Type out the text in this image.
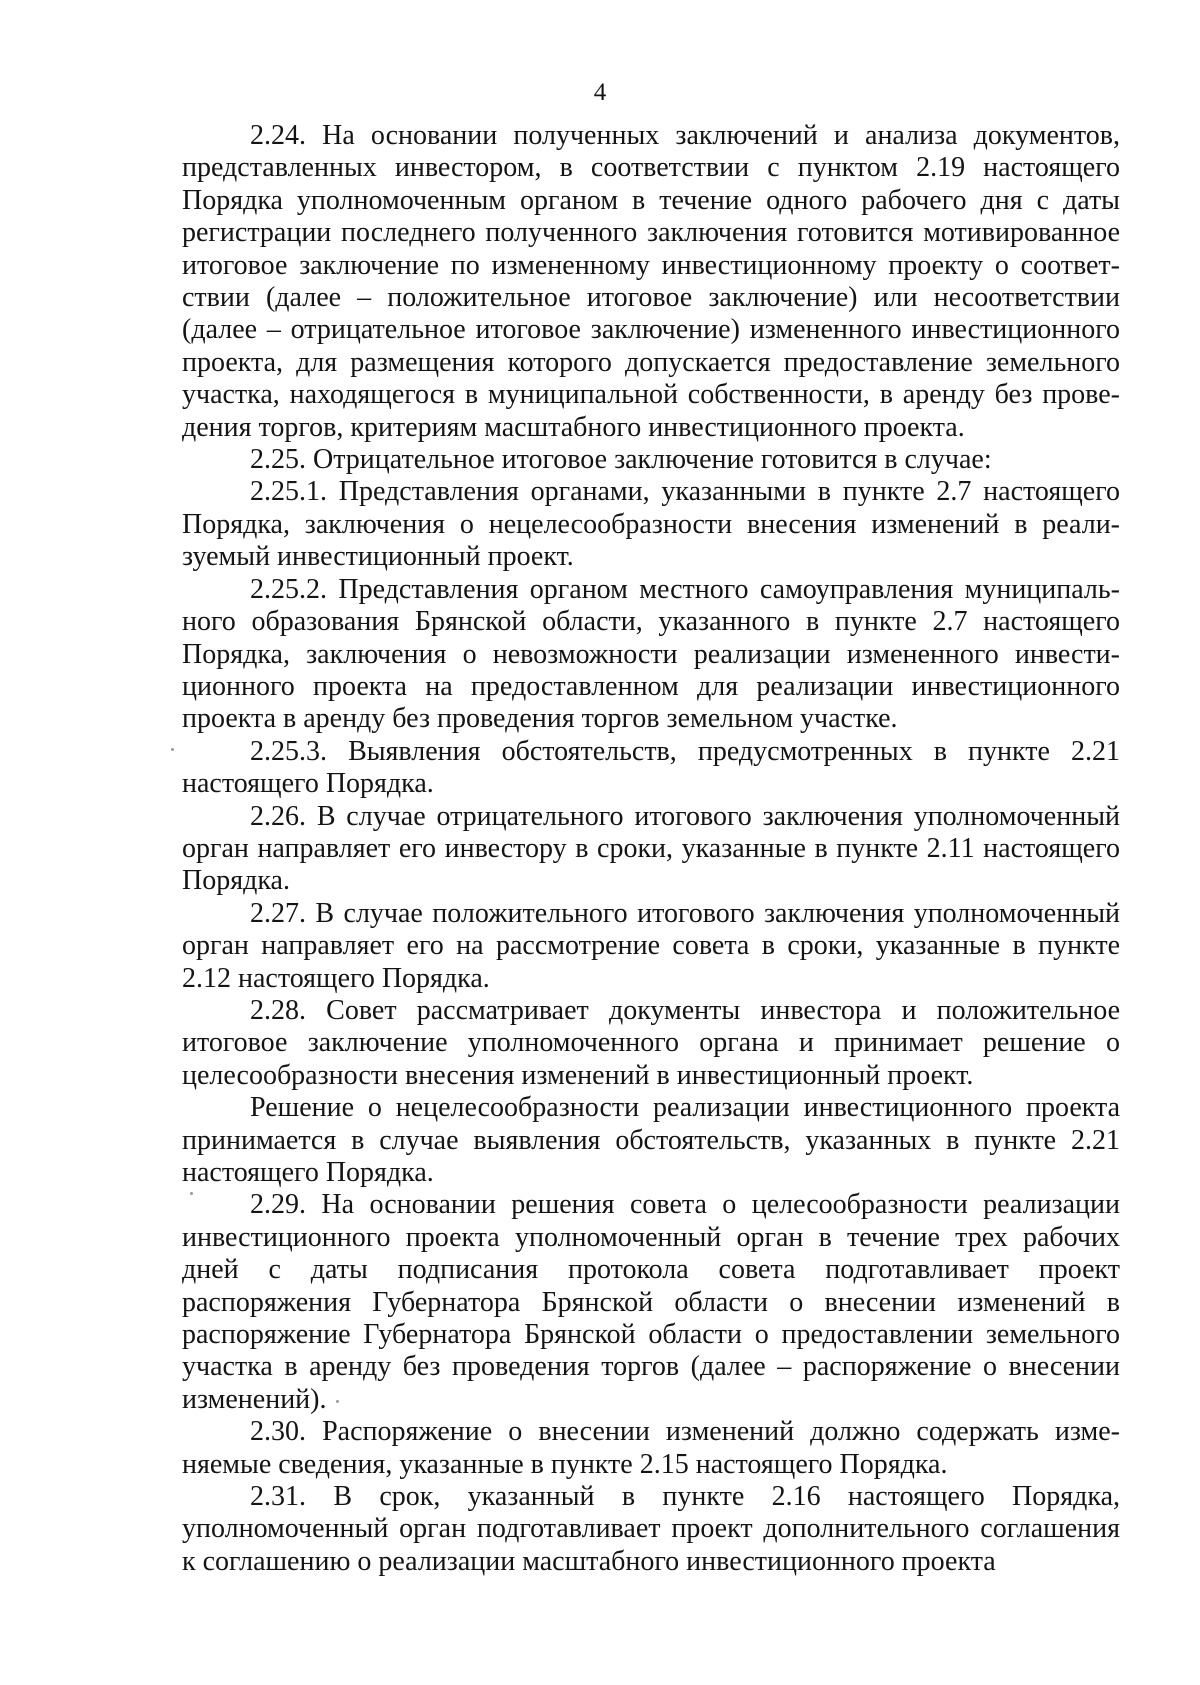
4

2.24. На основании полученных заключений и анализа документов, представленных инвестором, в соответствии с пунктом 2.19 настоящего Порядка уполномоченным органом в течение одного рабочего дня с даты регистрации последнего полученного заключения готовится мотивированное итоговое заключение по измененному инвестиционному проекту о соответствии (далее – положительное итоговое заключение) или несоответствии (далее – отрицательное итоговое заключение) измененного инвестиционного проекта, для размещения которого допускается предоставление земельного участка, находящегося в муниципальной собственности, в аренду без проведения торгов, критериям масштабного инвестиционного проекта.

2.25. Отрицательное итоговое заключение готовится в случае:

2.25.1. Представления органами, указанными в пункте 2.7 настоящего Порядка, заключения о нецелесообразности внесения изменений в реализуемый инвестиционный проект.

2.25.2. Представления органом местного самоуправления муниципального образования Брянской области, указанного в пункте 2.7 настоящего Порядка, заключения о невозможности реализации измененного инвестиционного проекта на предоставленном для реализации инвестиционного проекта в аренду без проведения торгов земельном участке.

2.25.3. Выявления обстоятельств, предусмотренных в пункте 2.21 настоящего Порядка.

2.26. В случае отрицательного итогового заключения уполномоченный орган направляет его инвестору в сроки, указанные в пункте 2.11 настоящего Порядка.

2.27. В случае положительного итогового заключения уполномоченный орган направляет его на рассмотрение совета в сроки, указанные в пункте 2.12 настоящего Порядка.

2.28. Совет рассматривает документы инвестора и положительное итоговое заключение уполномоченного органа и принимает решение о целесообразности внесения изменений в инвестиционный проект.

Решение о нецелесообразности реализации инвестиционного проекта принимается в случае выявления обстоятельств, указанных в пункте 2.21 настоящего Порядка.

2.29. На основании решения совета о целесообразности реализации инвестиционного проекта уполномоченный орган в течение трех рабочих дней с даты подписания протокола совета подготавливает проект распоряжения Губернатора Брянской области о внесении изменений в распоряжение Губернатора Брянской области о предоставлении земельного участка в аренду без проведения торгов (далее – распоряжение о внесении изменений).

2.30. Распоряжение о внесении изменений должно содержать изменяемые сведения, указанные в пункте 2.15 настоящего Порядка.

2.31. В срок, указанный в пункте 2.16 настоящего Порядка, уполномоченный орган подготавливает проект дополнительного соглашения к соглашению о реализации масштабного инвестиционного проекта
